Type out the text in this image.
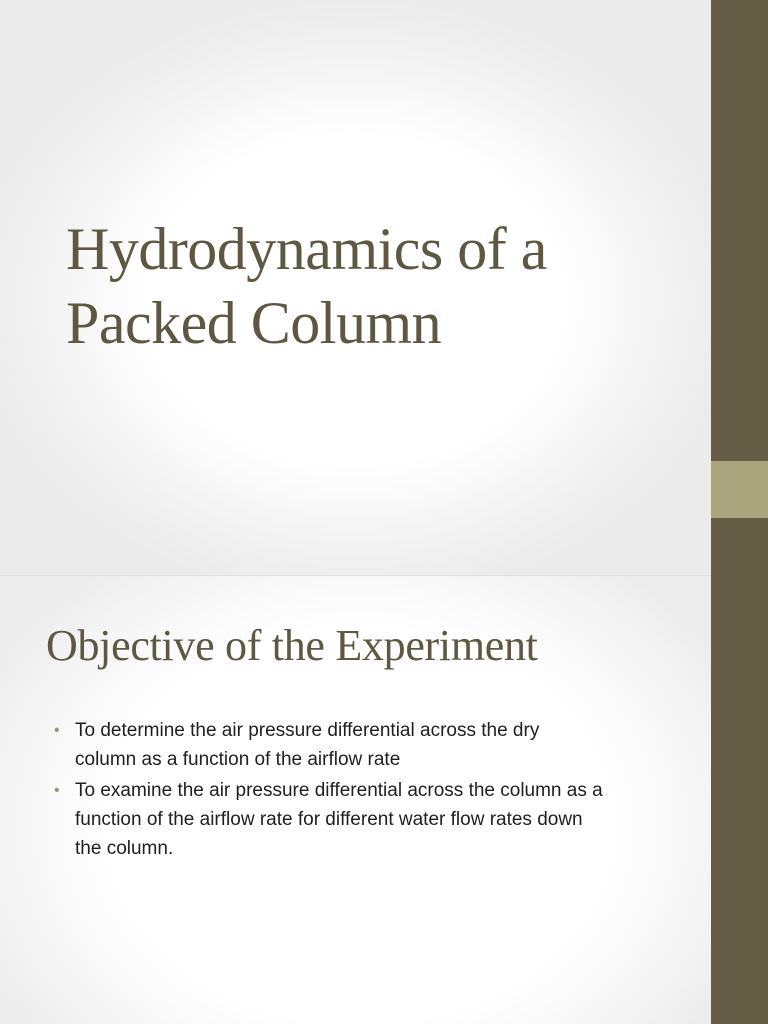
Hydrodynamics of a
Packed Column
Objective of the Experiment
• To determine the air pressure differential across the dry
column as a function of the airflow rate
• To examine the air pressure differential across the column as a
function of the airflow rate for different water flow rates down
the column.
